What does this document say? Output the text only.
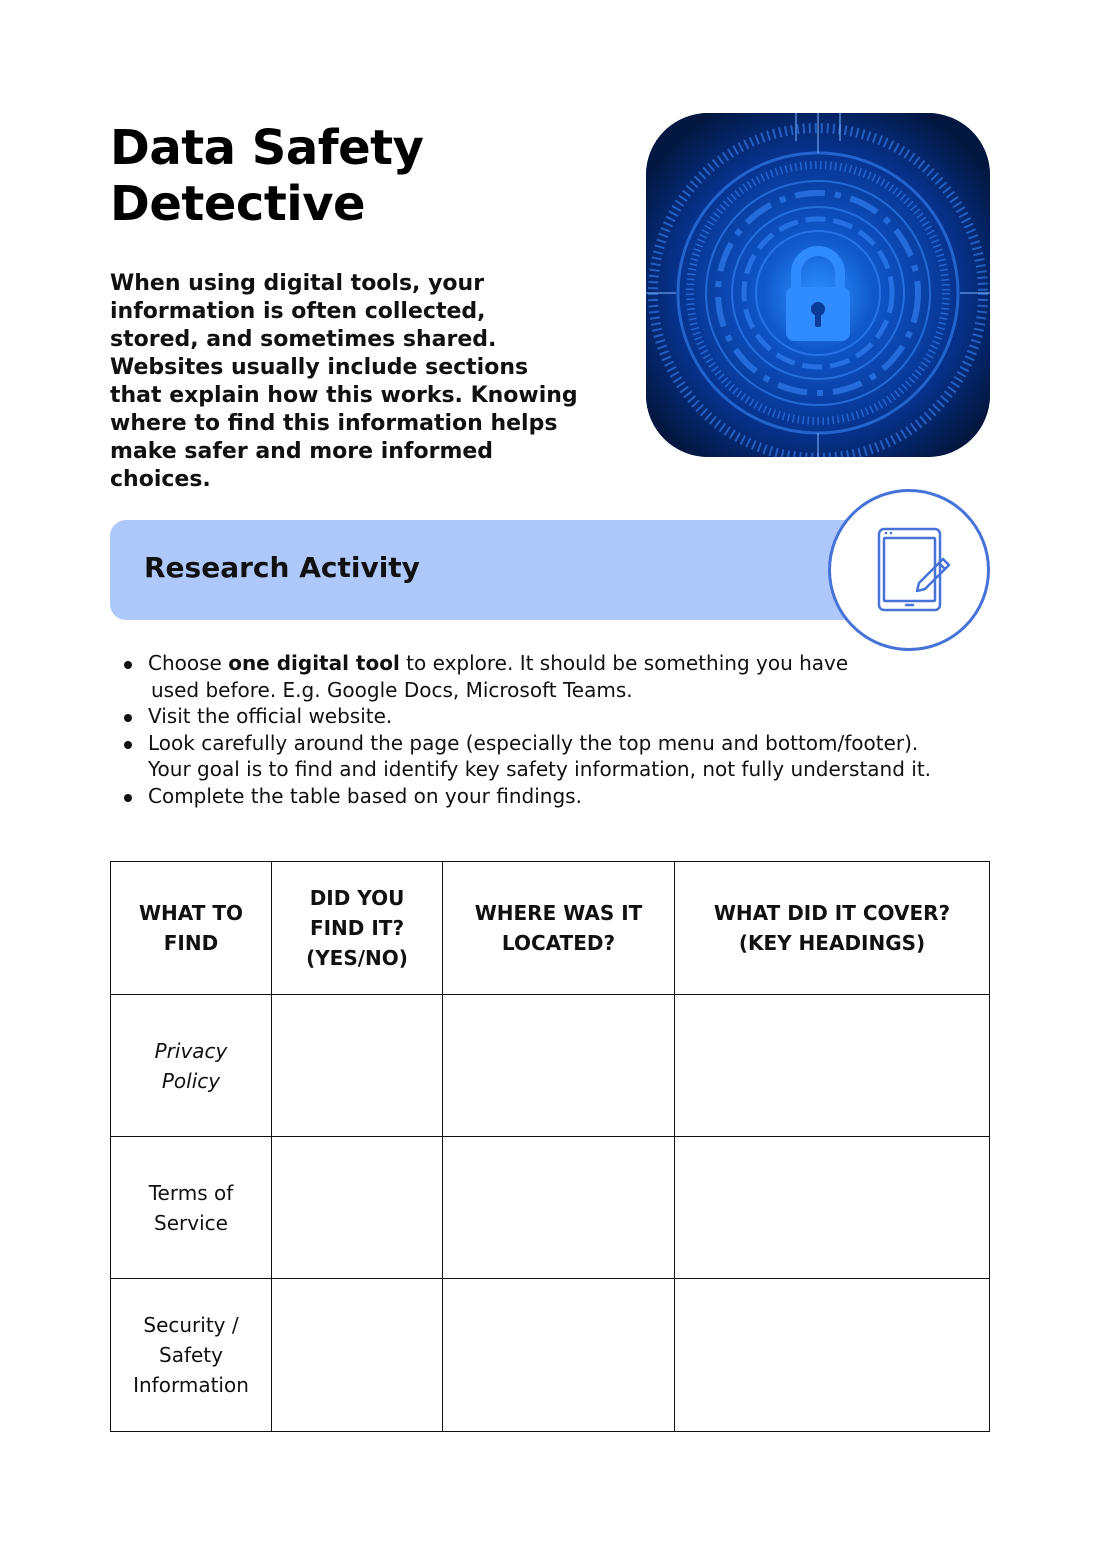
Data Safety Detective

When using digital tools, your information is often collected, stored, and sometimes shared. Websites usually include sections that explain how this works. Knowing where to find this information helps make safer and more informed choices.

Research Activity
Choose one digital tool to explore. It should be something you have
used before. E.g. Google Docs, Microsoft Teams.
Visit the official website.
Look carefully around the page (especially the top menu and bottom/footer).
Your goal is to find and identify key safety information, not fully understand it.
Complete the table based on your findings.
WHAT TO FIND	DID YOU FIND IT? (YES/NO)	WHERE WAS IT LOCATED?	WHAT DID IT COVER? (KEY HEADINGS)
Privacy Policy			
Terms of Service			
Security / Safety Information			
